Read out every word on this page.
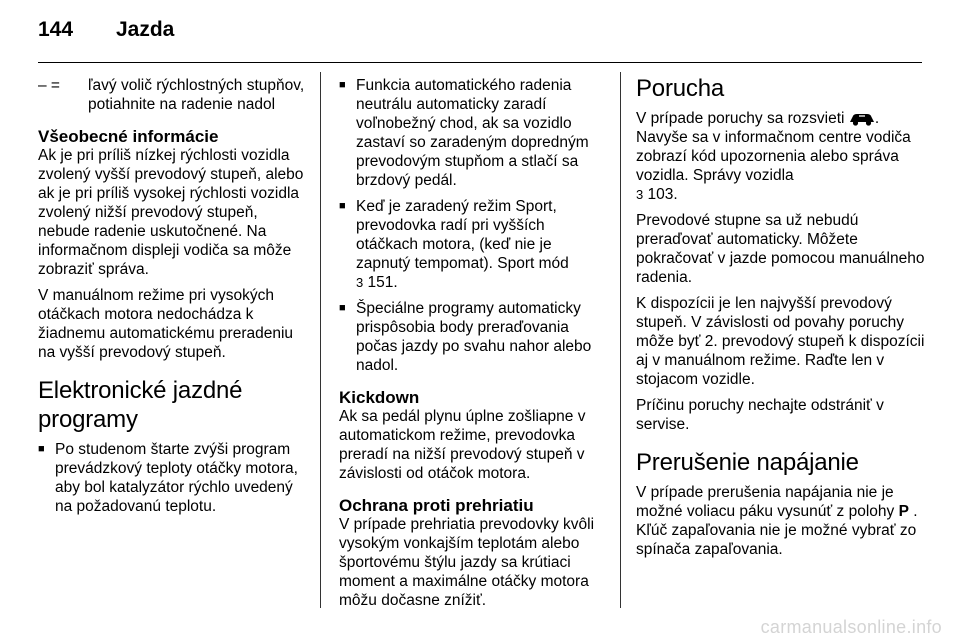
144	Jazda
– =	ľavý volič rýchlostných stupňov, potiahnite na radenie nadol
Všeobecné informácie

Ak je pri príliš nízkej rýchlosti vozidla zvolený vyšší prevodový stupeň, alebo ak je pri príliš vysokej rýchlosti vozidla zvolený nižší prevodový stupeň, nebude radenie uskutočnené. Na informačnom displeji vodiča sa môže zobraziť správa.

V manuálnom režime pri vysokých otáčkach motora nedochádza k žiadnemu automatickému preradeniu na vyšší prevodový stupeň.

Elektronické jazdné programy
■ Po studenom štarte zvýši program prevádzkový teploty otáčky motora, aby bol katalyzátor rýchlo uvedený na požadovanú teplotu.
■ Funkcia automatického radenia neutrálu automaticky zaradí voľnobežný chod, ak sa vozidlo zastaví so zaradeným dopredným prevodovým stupňom a stlačí sa brzdový pedál.
■ Keď je zaradený režim Sport, prevodovka radí pri vyšších otáčkach motora, (keď nie je zapnutý tempomat). Sport mód
3 151.
■ Špeciálne programy automaticky prispôsobia body preraďovania počas jazdy po svahu nahor alebo nadol.
Kickdown

Ak sa pedál plynu úplne zošliapne v automatickom režime, prevodovka preradí na nižší prevodový stupeň v závislosti od otáčok motora.

Ochrana proti prehriatiu

V prípade prehriatia prevodovky kvôli vysokým vonkajším teplotám alebo športovému štýlu jazdy sa krútiaci moment a maximálne otáčky motora môžu dočasne znížiť.

Porucha

V prípade poruchy sa rozsvieti . Navyše sa v informačnom centre vodiča zobrazí kód upozornenia alebo správa vozidla. Správy vozidla
3 103.

Prevodové stupne sa už nebudú preraďovať automaticky. Môžete pokračovať v jazde pomocou manuálneho radenia.

K dispozícii je len najvyšší prevodový stupeň. V závislosti od povahy poruchy môže byť 2. prevodový stupeň k dispozícii aj v manuálnom režime. Raďte len v stojacom vozidle.

Príčinu poruchy nechajte odstrániť v servise.

Prerušenie napájanie

V prípade prerušenia napájania nie je možné voliacu páku vysunúť z polohy P . Kľúč zapaľovania nie je možné vybrať zo spínača zapaľovania.

carmanualsonline.info
